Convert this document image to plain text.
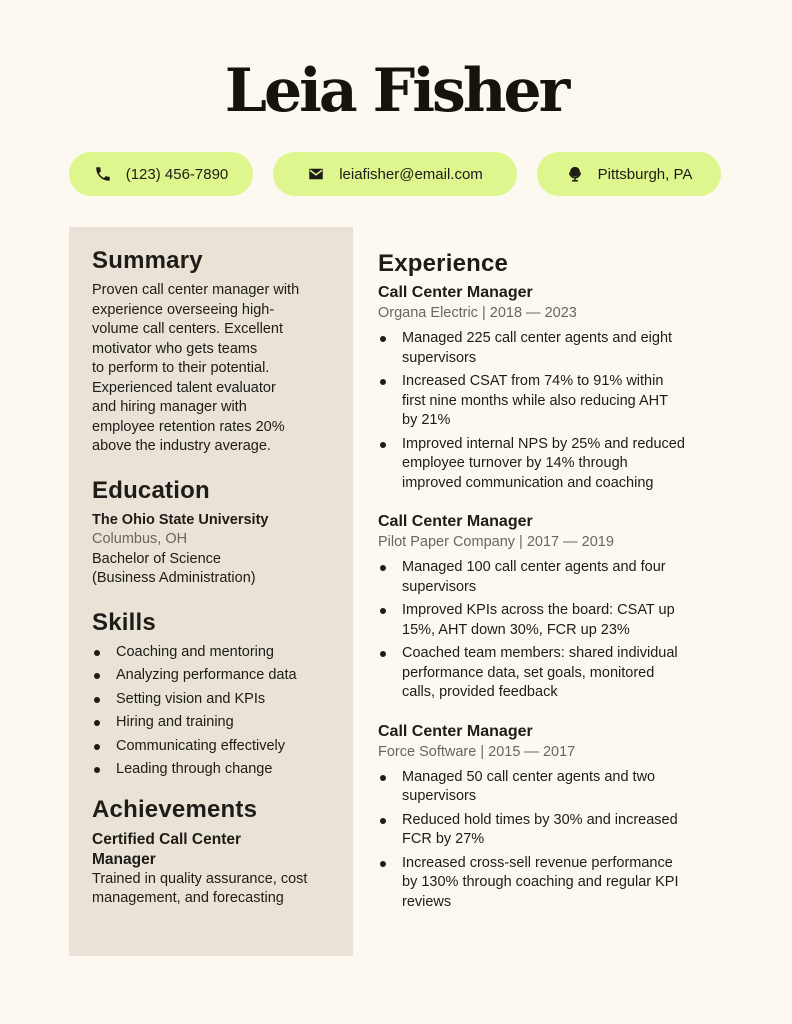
Leia Fisher
(123) 456-7890	leiafisher@email.com	Pittsburgh, PA
Summary

Proven call center manager with
experience overseeing high-
volume call centers. Excellent
motivator who gets teams
to perform to their potential.
Experienced talent evaluator
and hiring manager with
employee retention rates 20%
above the industry average.

Education

The Ohio State University

Columbus, OH

Bachelor of Science
(Business Administration)

Skills
Coaching and mentoring
Analyzing performance data
Setting vision and KPIs
Hiring and training
Communicating effectively
Leading through change
Achievements

Certified Call Center
Manager

Trained in quality assurance, cost
management, and forecasting

Experience
Call Center Manager
Organa Electric | 2018 — 2023
Managed 225 call center agents and eight
supervisors
Increased CSAT from 74% to 91% within
first nine months while also reducing AHT
by 21%
Improved internal NPS by 25% and reduced
employee turnover by 14% through
improved communication and coaching
Call Center Manager
Pilot Paper Company | 2017 — 2019
Managed 100 call center agents and four
supervisors
Improved KPIs across the board: CSAT up
15%, AHT down 30%, FCR up 23%
Coached team members: shared individual
performance data, set goals, monitored
calls, provided feedback
Call Center Manager
Force Software | 2015 — 2017
Managed 50 call center agents and two
supervisors
Reduced hold times by 30% and increased
FCR by 27%
Increased cross-sell revenue performance
by 130% through coaching and regular KPI
reviews
